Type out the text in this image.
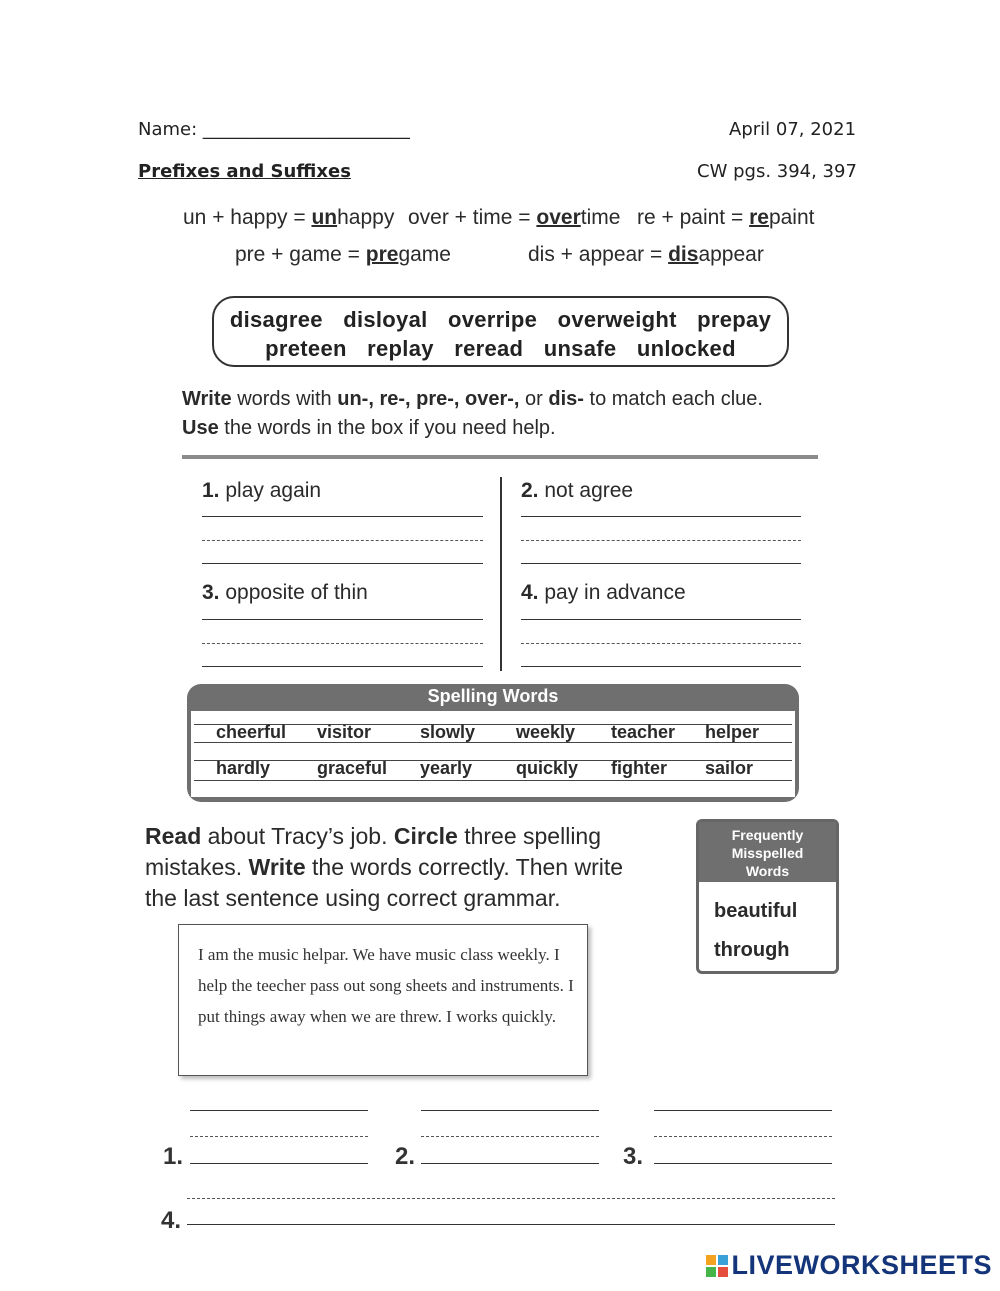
Name: _______________________	April 07, 2021
Prefixes and Suffixes	CW pgs. 394, 397
un + happy = unhappy over + time = overtime re + paint = repaint
pre + game = pregame	dis + appear = disappear
disagree disloyal overripe overweight prepay
preteen replay reread unsafe unlocked
Write words with un-, re-, pre-, over-, or dis- to match each clue.
Use the words in the box if you need help.
1. play again	2. not agree
3. opposite of thin	4. pay in advance
Spelling Words
cheerful visitor	slowly weekly teacher helper
hardly	graceful yearly quickly fighter sailor
Read about Tracy’s job. Circle three spelling
mistakes. Write the words correctly. Then write
the last sentence using correct grammar.
Frequently
Misspelled
Words
beautiful
through

I am the music helpar. We have music class weekly. I help the teecher pass out song sheets and instruments. I put things away when we are threw. I works quickly.

1.	2.	3.
4.
LIVEWORKSHEETS
